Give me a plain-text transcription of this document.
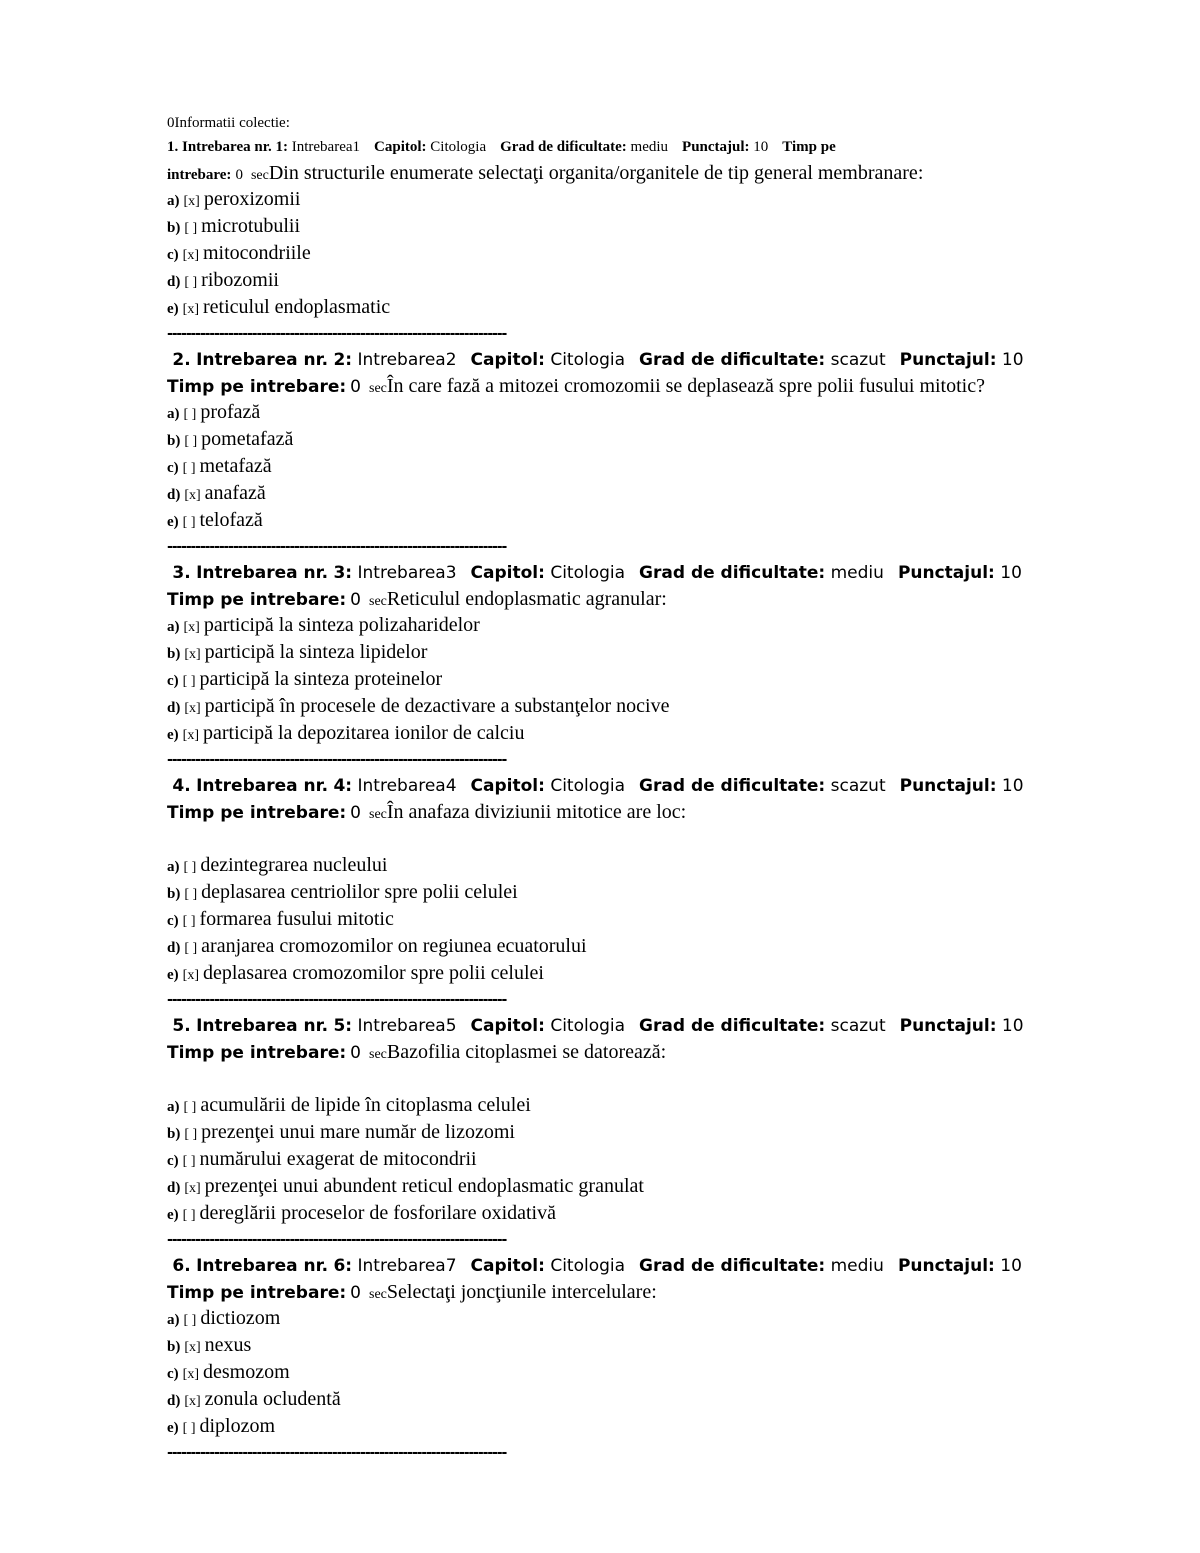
0Informatii colectie:
1. Intrebarea nr. 1: Intrebarea1 Capitol: Citologia Grad de dificultate: mediu Punctajul: 10 Timp pe
intrebare: 0 secDin structurile enumerate selectaţi organita/organitele de tip general membranare:
a) [x] peroxizomii
b) [ ] microtubulii
c) [x] mitocondriile
d) [ ] ribozomii
e) [x] reticulul endoplasmatic
------------------------------------------------------------------------
2. Intrebarea nr. 2: Intrebarea2 Capitol: Citologia Grad de dificultate: scazut Punctajul: 10
Timp pe intrebare: 0 secÎn care fază a mitozei cromozomii se deplasează spre polii fusului mitotic?
a) [ ] profază
b) [ ] pometafază
c) [ ] metafază
d) [x] anafază
e) [ ] telofază
------------------------------------------------------------------------
3. Intrebarea nr. 3: Intrebarea3 Capitol: Citologia Grad de dificultate: mediu Punctajul: 10
Timp pe intrebare: 0 secReticulul endoplasmatic agranular:
a) [x] participă la sinteza polizaharidelor
b) [x] participă la sinteza lipidelor
c) [ ] participă la sinteza proteinelor
d) [x] participă în procesele de dezactivare a substanţelor nocive
e) [x] participă la depozitarea ionilor de calciu
------------------------------------------------------------------------
4. Intrebarea nr. 4: Intrebarea4 Capitol: Citologia Grad de dificultate: scazut Punctajul: 10
Timp pe intrebare: 0 secÎn anafaza diviziunii mitotice are loc:
a) [ ] dezintegrarea nucleului
b) [ ] deplasarea centriolilor spre polii celulei
c) [ ] formarea fusului mitotic
d) [ ] aranjarea cromozomilor on regiunea ecuatorului
e) [x] deplasarea cromozomilor spre polii celulei
------------------------------------------------------------------------
5. Intrebarea nr. 5: Intrebarea5 Capitol: Citologia Grad de dificultate: scazut Punctajul: 10
Timp pe intrebare: 0 secBazofilia citoplasmei se datorează:
a) [ ] acumulării de lipide în citoplasma celulei
b) [ ] prezenţei unui mare număr de lizozomi
c) [ ] numărului exagerat de mitocondrii
d) [x] prezenţei unui abundent reticul endoplasmatic granulat
e) [ ] dereglării proceselor de fosforilare oxidativă
------------------------------------------------------------------------
6. Intrebarea nr. 6: Intrebarea7 Capitol: Citologia Grad de dificultate: mediu Punctajul: 10
Timp pe intrebare: 0 secSelectaţi joncţiunile intercelulare:
a) [ ] dictiozom
b) [x] nexus
c) [x] desmozom
d) [x] zonula ocludentă
e) [ ] diplozom
------------------------------------------------------------------------
